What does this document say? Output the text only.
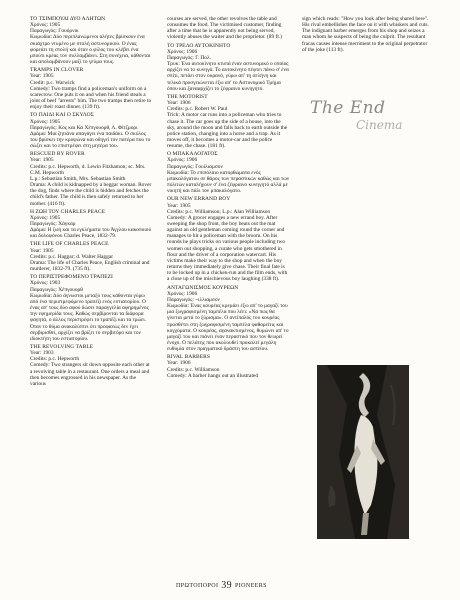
ΤΟ ΤΣΙΜΠΟΥΔΙ ΔΥΟ ΑΛΗΤΩΝ

Χρόνος: 1905

Παραγωγός: Γουόρνικ

Κωμωδία: Δύο περιπλανώμενοι αλήτες βρίσκουν ένα σκιάχτρο ντυμένο με στολή αστυνομικού. Ο ένας φορεάει τη στολή και όταν ο φίλος του κλέβει ένα μπούτι κρέας τον συλλαμβάνει. Στη συνέχεια, κάθονται και απολαμβάνουν μαζί το γεύμα τους.

TRAMPS IN CLOVER

Year: 1905

Credit: p.c. Warwick

Comedy: Two tramps find a policeman's uniform on a scarecrow. One puts it on and when his friend steals a joint of beef "arrests" him. The two tramps then retire to enjoy their roast dinner. (139 ft).

ΤΟ ΠΑΙΔΙ ΚΑΙ Ο ΣΚΥΛΟΣ

Χρόνος: 1905

Παραγωγός: Κος και Κα Χέπγουορθ, Λ. Φίτζμορι

Δράμα: Μια ζητιάνα απαγάγει ένα παιδάκι. Ο σκύλος του βρίσκει την κρυψώνα και οδηγεί τον πατέρα που το σώζει και το επιστρέφει στη μητέρα του.

RESCUED BY ROVER

Year: 1905

Credits: p.c. Hepworth, d. Lewin Fitzhamon; sc. Mrs. C.M. Hepworth

L.p.: Sebastian Smith, Mrs. Sebastian Smith

Drama: A child is kidnapped by a beggar woman. Rover the dog, finds where the child is hidden and fetches the child's father. The child is then safely returned to her mother. (416 ft).

Η ΖΩΗ ΤΟΥ CHARLES PEACE

Χρόνος: 1905

Παραγωγός: Χάγκαρ

Δράμα: Η ζωή και τα εγκλήματα του Άγγλου κακοποιού και δολοφόνου Charles Peace, 1832-79.

THE LIFE OF CHARLES PEACE

Year: 1905

Credits: p.c. Haggar; d. Walter Haggar

Drama: The life of Charles Peace, English criminal and murderer, 1832-79. (735 ft).

ΤΟ ΠΕΡΙΣΤΡΕΦΟΜΕΝΟ ΤΡΑΠΕΖΙ

Χρόνος: 1903

Παραγωγός: Χέπγουορθ

Κωμωδία: Δύο άγνωστοι μεταξύ τους κάθονται γύρω από ένα περιστρεφόμενο τραπέζι ενός εστιατορίου. Ο ένας απ' τους δύο αφού δώσει παραγγελία αφηρημένος την εφημερίδα τους. Καθώς σερβίρονται τα διάφορα φαγητά, ο άλλος περιστρέφει το τραπέζι και τα τρώει. Όταν το θύμα ανακαλύπτει ότι προφανώς δεν έχει σερβιρισθεί, αρχίζει να βρίζει το σερβιτόρο και τον ιδιοκτήτη του εστιατορίου.

THE REVOLVING TABLE

Year: 1903

Credits: p.c. Hepworth

Comedy: Two strangers sit down opposite each other at a revolving table in a restaurant. One orders a meal and then becomes engrossed in his newspaper. As the various

courses are served, the other revolves the table and consumes the food. The victimised customer, finding after a time that he is apparently not being served, violently abuses the waiter and the proprietor. (89 ft.)

ΤΟ ΤΡΕΛΟ ΑΥΤΟΚΙΝΗΤΟ

Χρόνος: 1906

Παραγωγός: Γ. Πολ.

Τρυκ: Ένα αυτοκίνητο κτυπά έναν αστυνομικό ο οποίος αρχίζει να το κυνηγά. Το αυτοκίνητο πέφτει πάνω σ' ένα σπίτι, πετάει στον ουρανό, γύρω απ' τη σελήνη και τελικά προσγειώνεται έξω απ' το Αστυνομικό Τμήμα όπου και ξανααρχίζει το ζέφραινο κυνηγητό.

THE MOTORIST

Year: 1906

Credits: p.c. Robert W. Paul

Trick: A motor car runs into a policeman who tries to chase it. The car goes up the side of a house, into the sky, around the moon and falls back to earth outside the police station, changing into a horse and a trap. As it moves off, it becomes a motor-car and the police resume, the chase. (181 ft).

Ο ΜΠΑΚΑΛΟΓΑΤΟΣ

Χρόνος: 1906

Παραγωγός: Γουίλιαμσον

Κωμωδία: Το επιπόλαιο κατορθώματα ενός μπακαλόγατου σε θάρος των περαστικών καθώς και των πολιτών καταλήγουν σ' ένα ζέφραινο κυνηγητό αλλά με νικητή και πάλι τον μπακαλόγατο.

OUR NEW ERRAND BOY

Year: 1905

Credits: p.c. Williamson; L.p.: Alan Williamson

Comedy: A grocer engages a new errand boy. After sweeping the shop front, the boy beats out the mat against an old gentleman coming round the corner and manages to hit a policeman with the broom. On his rounds he plays tricks on various people including two women out shopping, a curate who gets smothered in flour and the driver of a corporation watercart. His victims make their way to the shop and when the boy returns they immediately give chase. Their final fate is to be locked up in a chicken-run and the film ends, with a close up of the mischievous boy laughing (338 ft).

ΑΝΤΑΓΩΝΙΣΜΟΣ ΚΟΥΡΕΩΝ

Χρόνος: 1906

Παραγωγός: ~ιλλιαμσον

Κωμωδία: Ένας κουρέας κρεμάει έξω απ' το μαγαζί του μια ζωγραφισμένη ταμπέλα που λέει: «Να πως θα γίνεται μετά το ξύρισμα». Ο αντίπαλός του κουρέας προσθέτει στη ζωγραφισμένη ταμπέλα φαθορείτις και κογχύματα. Ο κουρέας, αγανακτισμένος, θυμώνει απ' το μαγαζί του και πιάνει έναν περαστικό που τον θεωρεί ένοχο. Ο πελάτης που ακολουθεί προκαλεί μεγάλη ευθυμία στον πραγματικό δράστη του αστείου.

RIVAL BARBERS

Year: 1906

Credits: p.c. Williamson

Comedy: A barber hangs out an illustrated

sign which reads: "How you look after being shared here". His rival embellishes the face on it with whiskers and cuts. The indignant barber emerges from his shop and seizes a man whom he suspects of being the culprit. The resultant fracas causes intense merriment to the original perpetrator of the joke (113 ft).

The End
Cinema
ΠΡΩΤΟΠΟΡΟΙ 39 PIONEERS
